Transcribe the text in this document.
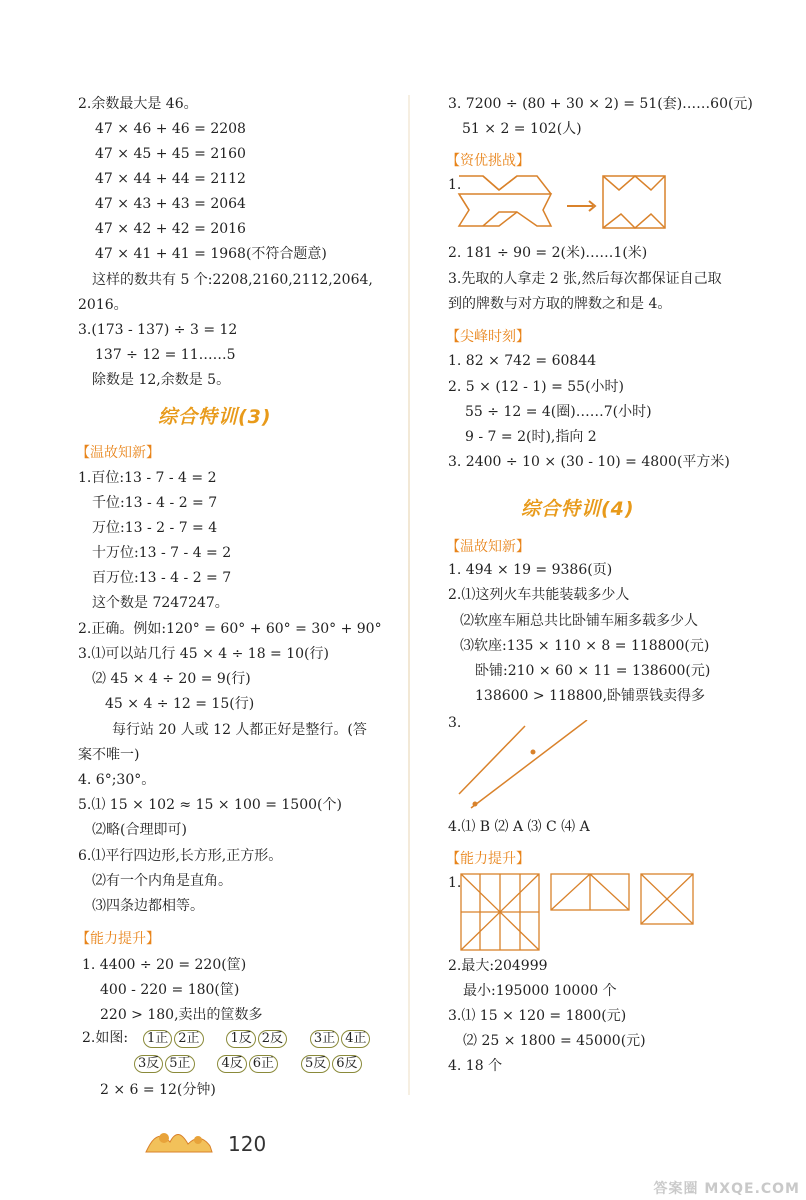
2.余数最大是 46。
47 × 46 + 46 = 2208
47 × 45 + 45 = 2160
47 × 44 + 44 = 2112
47 × 43 + 43 = 2064
47 × 42 + 42 = 2016
47 × 41 + 41 = 1968(不符合题意)
这样的数共有 5 个:2208,2160,2112,2064,
2016。
3.(173 - 137) ÷ 3 = 12
137 ÷ 12 = 11……5
除数是 12,余数是 5。
综合特训(3)
【温故知新】
1.百位:13 - 7 - 4 = 2
千位:13 - 4 - 2 = 7
万位:13 - 2 - 7 = 4
十万位:13 - 7 - 4 = 2
百万位:13 - 4 - 2 = 7
这个数是 7247247。
2.正确。例如:120° = 60° + 60° = 30° + 90°
3.⑴可以站几行 45 × 4 ÷ 18 = 10(行)
⑵ 45 × 4 ÷ 20 = 9(行)
45 × 4 ÷ 12 = 15(行)
每行站 20 人或 12 人都正好是整行。(答
案不唯一)
4. 6°;30°。
5.⑴ 15 × 102 ≈ 15 × 100 = 1500(个)
⑵略(合理即可)
6.⑴平行四边形,长方形,正方形。
⑵有一个内角是直角。
⑶四条边都相等。
【能力提升】
1. 4400 ÷ 20 = 220(筐)
400 - 220 = 180(筐)
220 > 180,卖出的筐数多
2.如图: 1正 2正 1反 2反 3正 4正
3反 5正 4反 6正 5反 6反
2 × 6 = 12(分钟)
120
3. 7200 ÷ (80 + 30 × 2) = 51(套)……60(元)
51 × 2 = 102(人)
【资优挑战】
1.
2. 181 ÷ 90 = 2(米)……1(米)
3.先取的人拿走 2 张,然后每次都保证自己取
到的牌数与对方取的牌数之和是 4。
【尖峰时刻】
1. 82 × 742 = 60844
2. 5 × (12 - 1) = 55(小时)
55 ÷ 12 = 4(圈)……7(小时)
9 - 7 = 2(时),指向 2
3. 2400 ÷ 10 × (30 - 10) = 4800(平方米)
综合特训(4)
【温故知新】
1. 494 × 19 = 9386(页)
2.⑴这列火车共能装载多少人
⑵软座车厢总共比卧铺车厢多载多少人
⑶软座:135 × 110 × 8 = 118800(元)
卧铺:210 × 60 × 11 = 138600(元)
138600 > 118800,卧铺票钱卖得多
3.
4.⑴ B ⑵ A ⑶ C ⑷ A
【能力提升】
1.
2.最大:204999
最小:195000 10000 个
3.⑴ 15 × 120 = 1800(元)
⑵ 25 × 1800 = 45000(元)
4. 18 个
答案圈 MXQE.COM
